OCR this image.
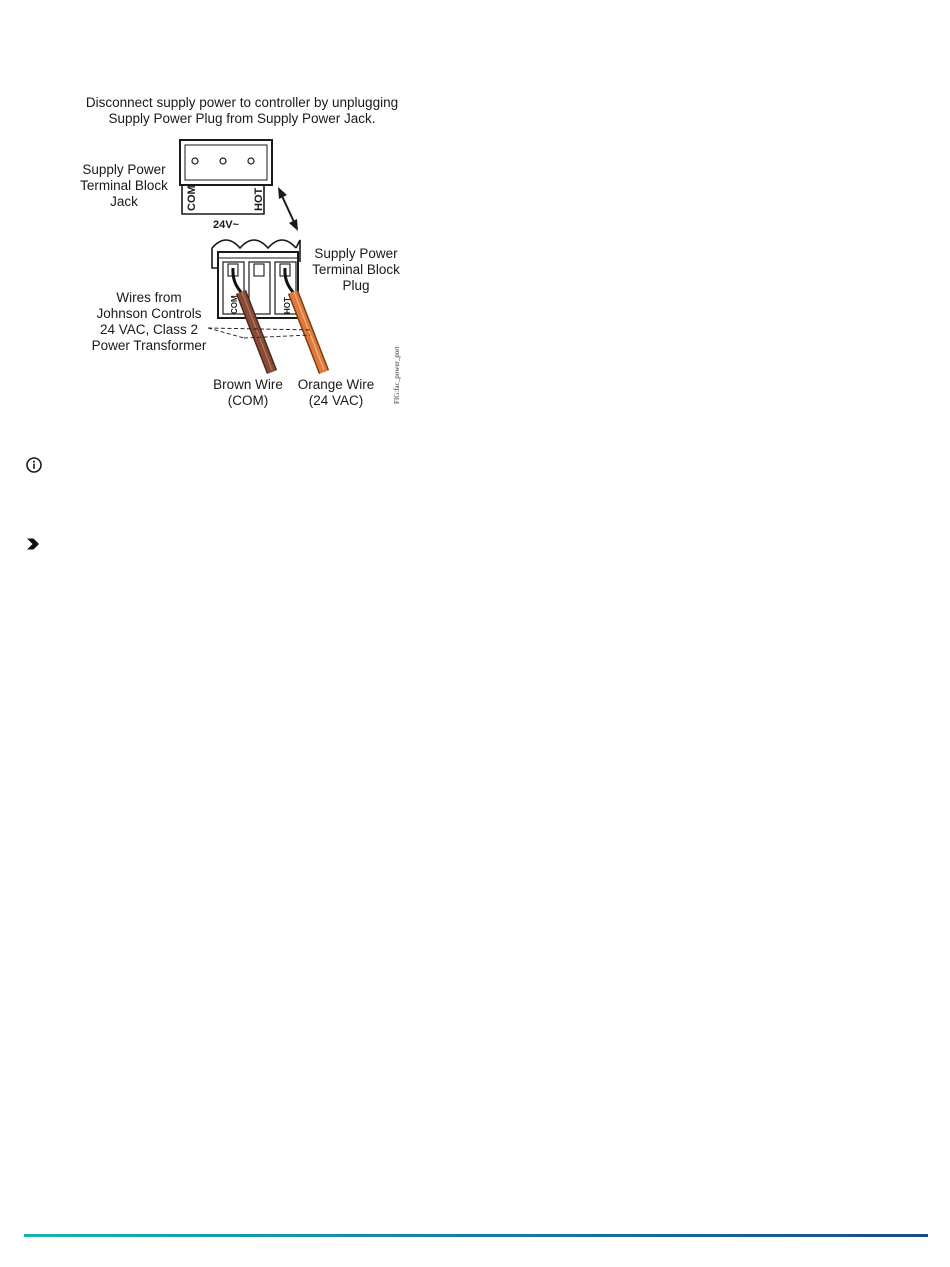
Disconnect supply power to controller by unplugging
Supply Power Plug from Supply Power Jack.
Supply Power
Terminal Block
Jack	COM	HOT
24V~
Supply Power
Terminal Block
Plug
COM	HOT
Wires from
Johnson Controls
24 VAC, Class 2
Power Transformer
Brown Wire
(COM)
Orange Wire
(24 VAC)	FIG:fac_power_port
